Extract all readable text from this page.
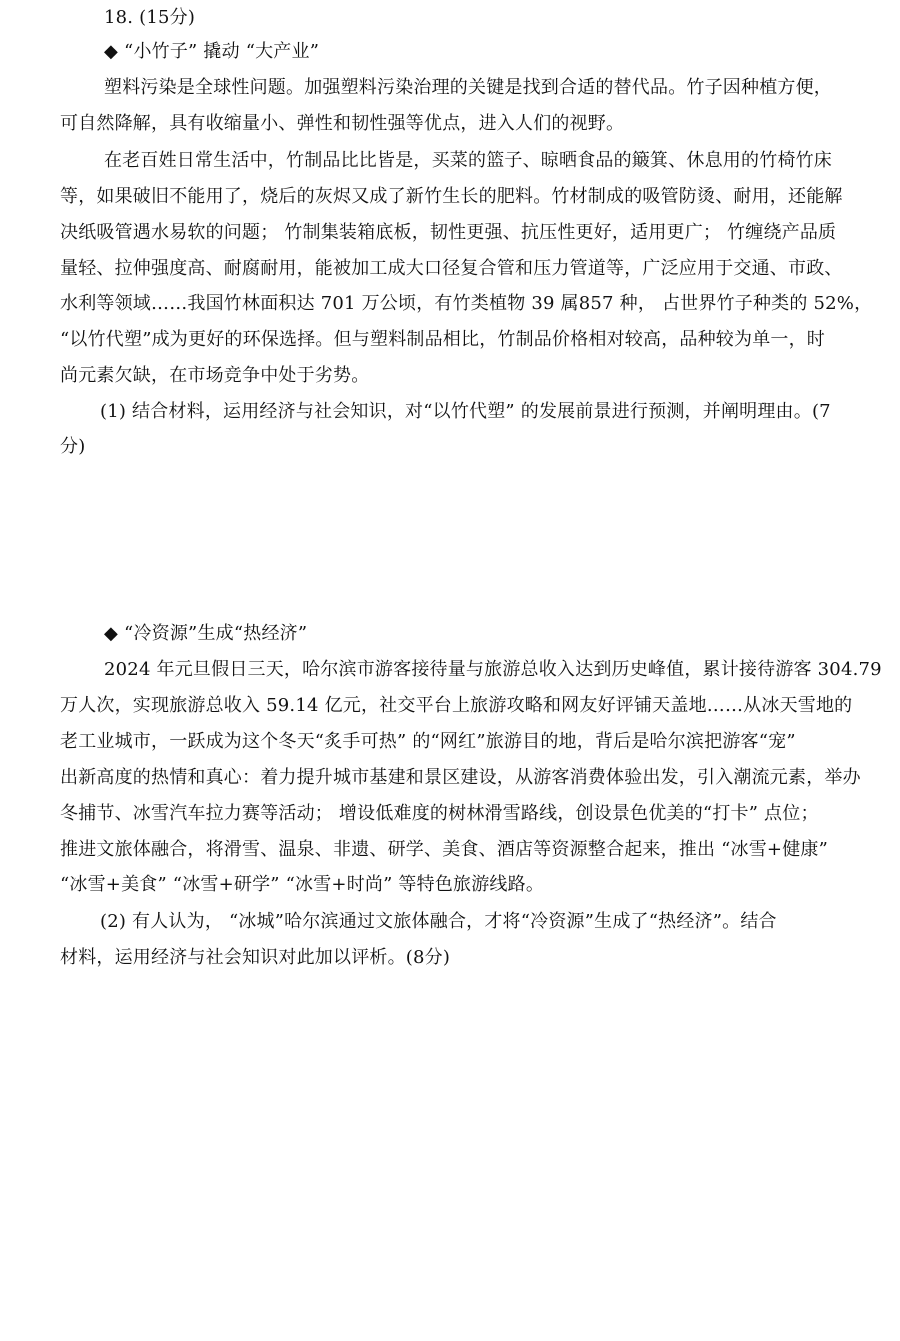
18. (15分)
◆ “小竹子” 撬动 “大产业”
塑料污染是全球性问题。加强塑料污染治理的关键是找到合适的替代品。竹子因种植方便，
可自然降解，具有收缩量小、弹性和韧性强等优点，进入人们的视野。
在老百姓日常生活中，竹制品比比皆是，买菜的篮子、晾晒食品的簸箕、休息用的竹椅竹床
等，如果破旧不能用了，烧后的灰烬又成了新竹生长的肥料。竹材制成的吸管防烫、耐用，还能解
决纸吸管遇水易软的问题； 竹制集装箱底板，韧性更强、抗压性更好，适用更广； 竹缠绕产品质
量轻、拉伸强度高、耐腐耐用，能被加工成大口径复合管和压力管道等，广泛应用于交通、市政、
水利等领域……我国竹林面积达 701 万公顷，有竹类植物 39 属857 种， 占世界竹子种类的 52%，
“以竹代塑”成为更好的环保选择。但与塑料制品相比，竹制品价格相对较高，品种较为单一，时
尚元素欠缺，在市场竞争中处于劣势。
(1) 结合材料，运用经济与社会知识，对“以竹代塑” 的发展前景进行预测，并阐明理由。(7
分)
◆ “冷资源”生成“热经济”
2024 年元旦假日三天，哈尔滨市游客接待量与旅游总收入达到历史峰值，累计接待游客 304.79
万人次，实现旅游总收入 59.14 亿元，社交平台上旅游攻略和网友好评铺天盖地……从冰天雪地的
老工业城市，一跃成为这个冬天“炙手可热” 的“网红”旅游目的地，背后是哈尔滨把游客“宠”
出新高度的热情和真心：着力提升城市基建和景区建设，从游客消费体验出发，引入潮流元素，举办
冬捕节、冰雪汽车拉力赛等活动； 增设低难度的树林滑雪路线，创设景色优美的“打卡” 点位；
推进文旅体融合，将滑雪、温泉、非遗、研学、美食、酒店等资源整合起来，推出 “冰雪+健康”
“冰雪+美食” “冰雪+研学” “冰雪+时尚” 等特色旅游线路。
(2) 有人认为， “冰城”哈尔滨通过文旅体融合，才将“冷资源”生成了“热经济”。结合
材料，运用经济与社会知识对此加以评析。(8分)
